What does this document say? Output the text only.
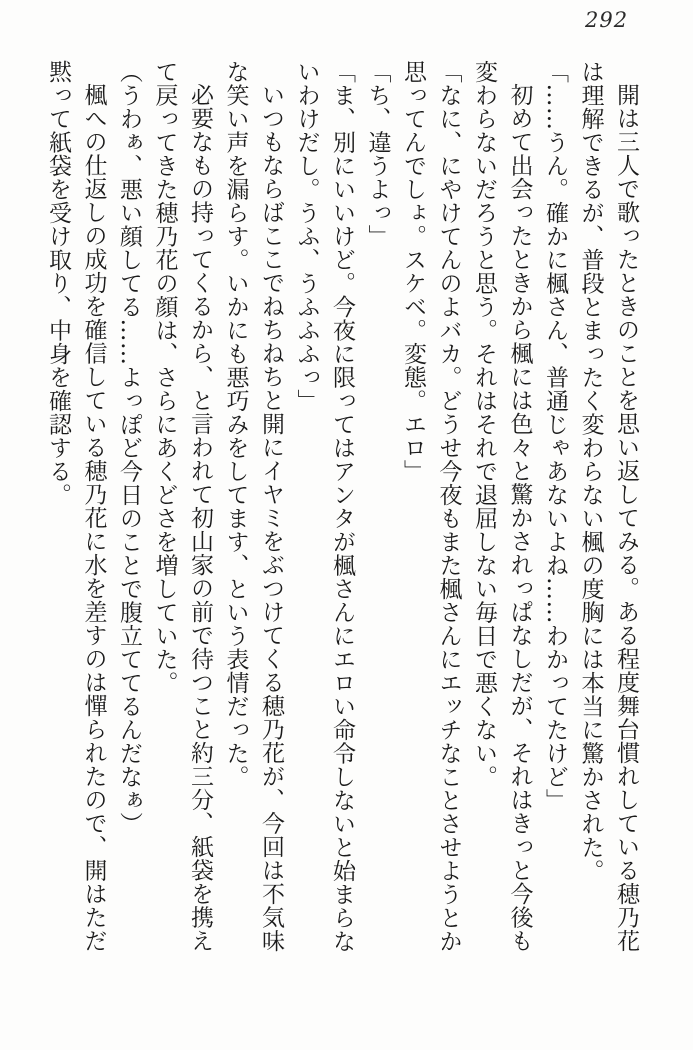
292

開は三人で歌ったときのことを思い返してみる。ある程度舞台慣れしている穂乃花

は理解できるが、普段とまったく変わらない楓の度胸には本当に驚かされた。

「……うん。確かに楓さん、普通じゃあないよね……わかってたけど」

初めて出会ったときから楓には色々と驚かされっぱなしだが、それはきっと今後も

変わらないだろうと思う。それはそれで退屈しない毎日で悪くない。

「なに、にやけてんのよバカ。どうせ今夜もまた楓さんにエッチなことさせようとか

思ってんでしょ。スケベ。変態。エロ」

「ち、違うよっ」

「ま、別にいいけど。今夜に限ってはアンタが楓さんにエロい命令しないと始まらな

いわけだし。うふ、うふふふっ」

いつもならばここでねちねちと開にイヤミをぶつけてくる穂乃花が、今回は不気味

な笑い声を漏らす。いかにも悪巧みをしてます、という表情だった。

必要なもの持ってくるから、と言われて初山家の前で待つこと約三分、紙袋を携え

て戻ってきた穂乃花の顔は、さらにあくどさを増していた。

（うわぁ、悪い顔してる……よっぽど今日のことで腹立ててるんだなぁ）

楓への仕返しの成功を確信している穂乃花に水を差すのは憚られたので、開はただ

黙って紙袋を受け取り、中身を確認する。
